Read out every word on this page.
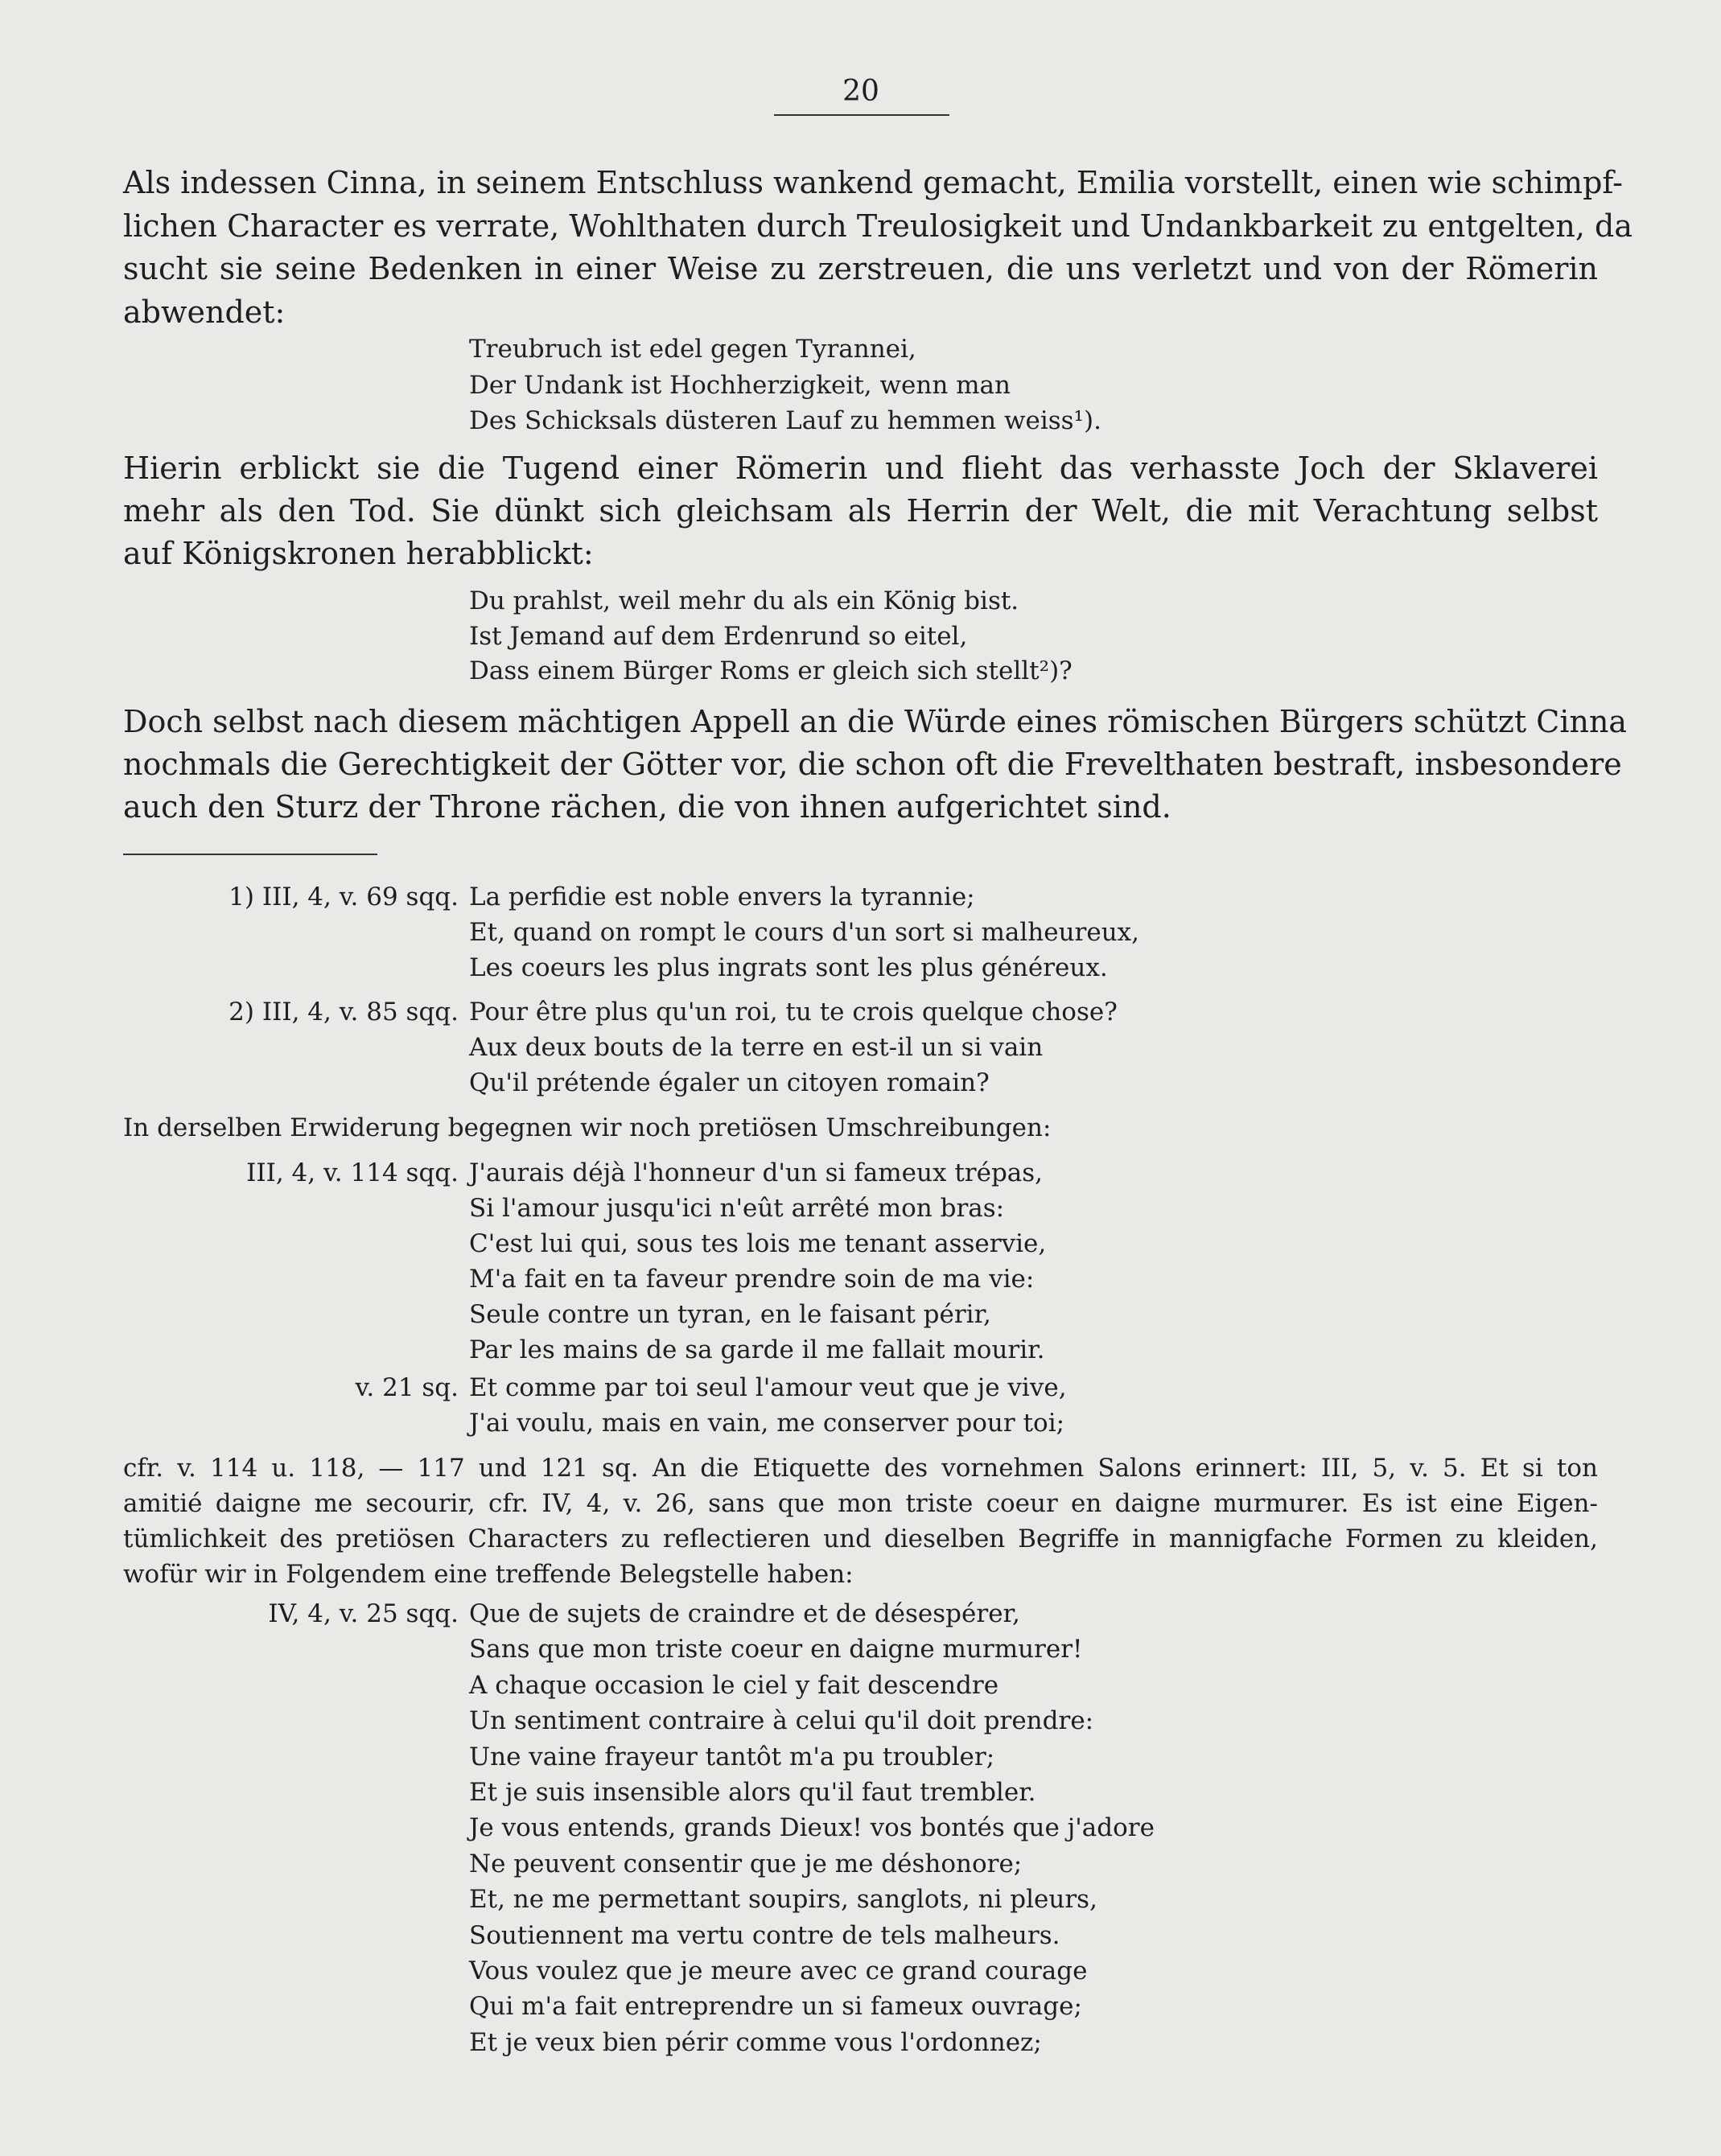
20
Als indessen Cinna, in seinem Entschluss wankend gemacht, Emilia vorstellt, einen wie schimpf-
lichen Character es verrate, Wohlthaten durch Treulosigkeit und Undankbarkeit zu entgelten, da
sucht sie seine Bedenken in einer Weise zu zerstreuen, die uns verletzt und von der Römerin
abwendet:
Treubruch ist edel gegen Tyrannei,
Der Undank ist Hochherzigkeit, wenn man
Des Schicksals düsteren Lauf zu hemmen weiss¹).
Hierin erblickt sie die Tugend einer Römerin und flieht das verhasste Joch der Sklaverei
mehr als den Tod. Sie dünkt sich gleichsam als Herrin der Welt, die mit Verachtung selbst
auf Königskronen herabblickt:
Du prahlst, weil mehr du als ein König bist.
Ist Jemand auf dem Erdenrund so eitel,
Dass einem Bürger Roms er gleich sich stellt²)?
Doch selbst nach diesem mächtigen Appell an die Würde eines römischen Bürgers schützt Cinna
nochmals die Gerechtigkeit der Götter vor, die schon oft die Frevelthaten bestraft, insbesondere
auch den Sturz der Throne rächen, die von ihnen aufgerichtet sind.
1) III, 4, v. 69 sqq. La perfidie est noble envers la tyrannie;
Et, quand on rompt le cours d'un sort si malheureux,
Les coeurs les plus ingrats sont les plus généreux.
2) III, 4, v. 85 sqq. Pour être plus qu'un roi, tu te crois quelque chose?
Aux deux bouts de la terre en est-il un si vain
Qu'il prétende égaler un citoyen romain?
In derselben Erwiderung begegnen wir noch pretiösen Umschreibungen:
III, 4, v. 114 sqq. J'aurais déjà l'honneur d'un si fameux trépas,
Si l'amour jusqu'ici n'eût arrêté mon bras:
C'est lui qui, sous tes lois me tenant asservie,
M'a fait en ta faveur prendre soin de ma vie:
Seule contre un tyran, en le faisant périr,
Par les mains de sa garde il me fallait mourir.
v. 21 sq. Et comme par toi seul l'amour veut que je vive,
J'ai voulu, mais en vain, me conserver pour toi;
cfr. v. 114 u. 118, — 117 und 121 sq. An die Etiquette des vornehmen Salons erinnert: III, 5, v. 5. Et si ton
amitié daigne me secourir, cfr. IV, 4, v. 26, sans que mon triste coeur en daigne murmurer. Es ist eine Eigen-
tümlichkeit des pretiösen Characters zu reflectieren und dieselben Begriffe in mannigfache Formen zu kleiden,
wofür wir in Folgendem eine treffende Belegstelle haben:
IV, 4, v. 25 sqq. Que de sujets de craindre et de désespérer,
Sans que mon triste coeur en daigne murmurer!
A chaque occasion le ciel y fait descendre
Un sentiment contraire à celui qu'il doit prendre:
Une vaine frayeur tantôt m'a pu troubler;
Et je suis insensible alors qu'il faut trembler.
Je vous entends, grands Dieux! vos bontés que j'adore
Ne peuvent consentir que je me déshonore;
Et, ne me permettant soupirs, sanglots, ni pleurs,
Soutiennent ma vertu contre de tels malheurs.
Vous voulez que je meure avec ce grand courage
Qui m'a fait entreprendre un si fameux ouvrage;
Et je veux bien périr comme vous l'ordonnez;
